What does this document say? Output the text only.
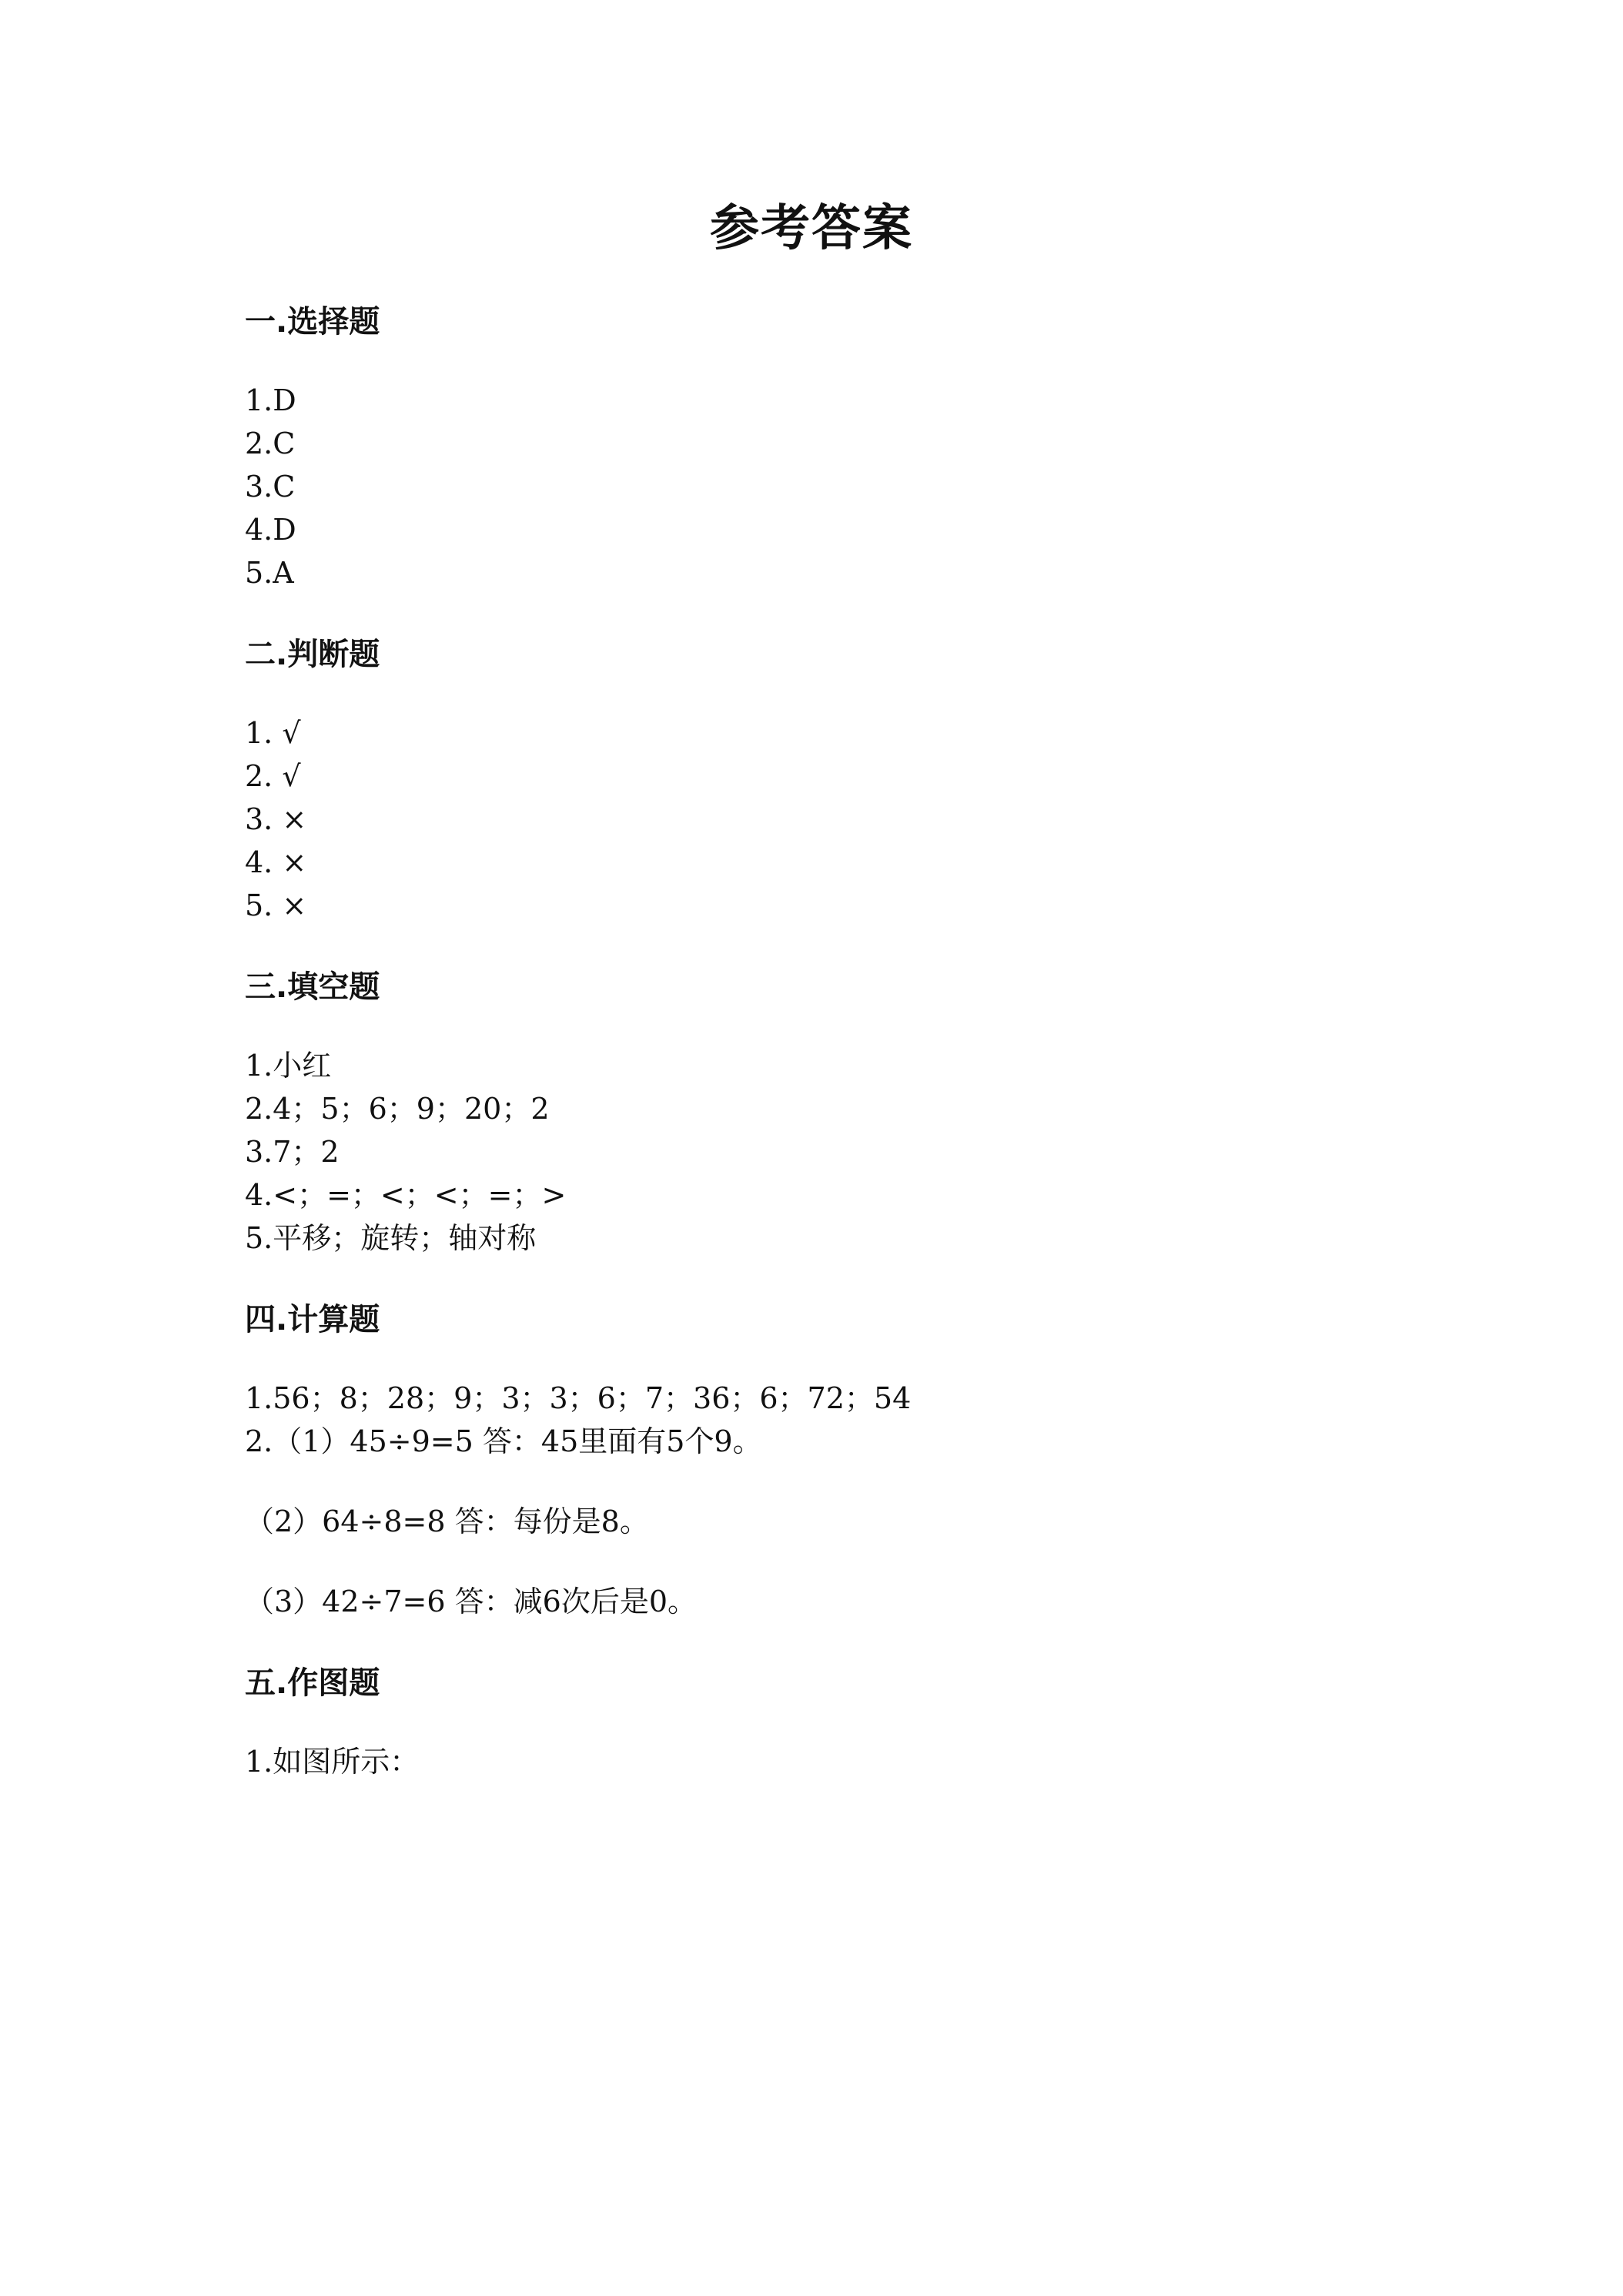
参考答案
一.选择题
1.D
2.C
3.C
4.D
5.A
二.判断题
1. √
2. √
3. ×
4. ×
5. ×
三.填空题
1.小红
2.4；5；6；9；20；2
3.7；2
4.<；=；<；<；=；>
5.平移；旋转；轴对称
四.计算题
1.56；8；28；9；3；3；6；7；36；6；72；54
2.（1）45÷9=5 答：45里面有5个9。
（2）64÷8=8 答：每份是8。
（3）42÷7=6 答：减6次后是0。
五.作图题
1.如图所示：
